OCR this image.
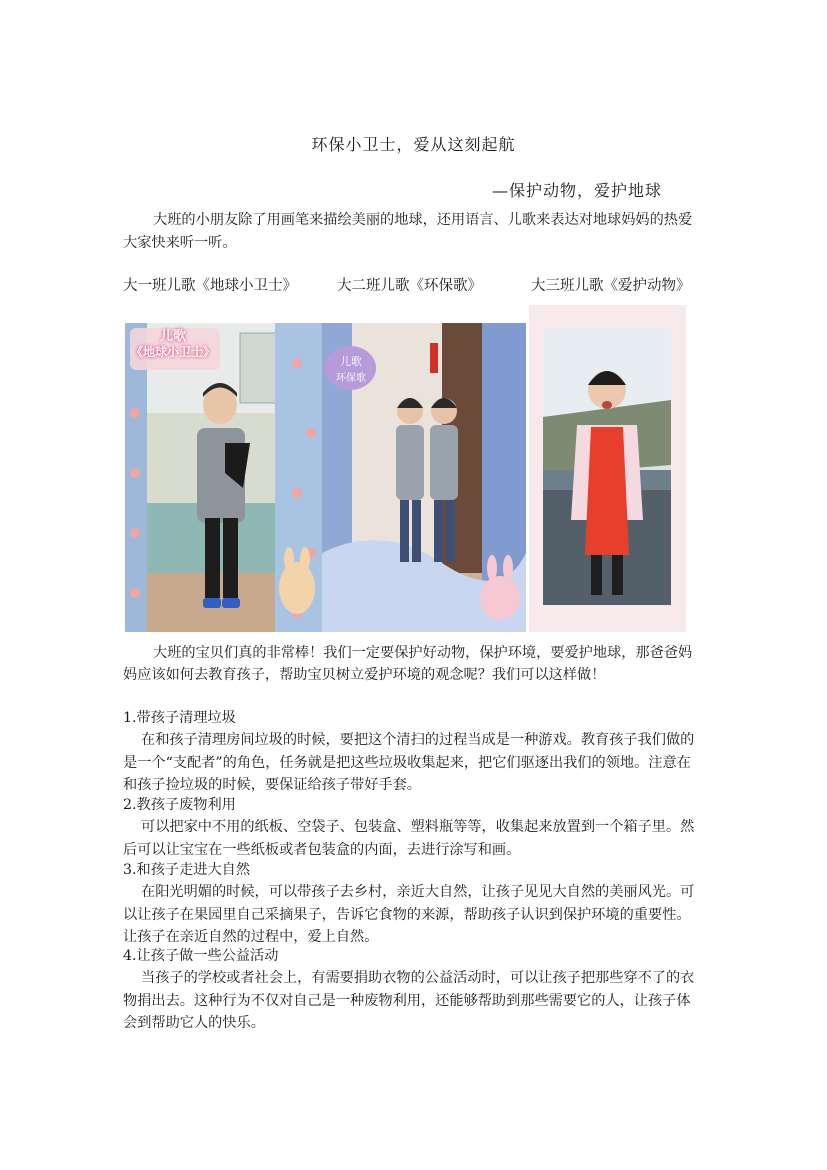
环保小卫士，爱从这刻起航

—保护动物，爱护地球

大班的小朋友除了用画笔来描绘美丽的地球，还用语言、儿歌来表达对地球妈妈的热爱大家快来听一听。

大一班儿歌《地球小卫士》	大二班儿歌《环保歌》	大三班儿歌《爱护动物》

儿歌
《地球小卫士》
儿歌
环保歌

大班的宝贝们真的非常棒！我们一定要保护好动物，保护环境，要爱护地球，那爸爸妈妈应该如何去教育孩子，帮助宝贝树立爱护环境的观念呢？我们可以这样做！

1.带孩子清理垃圾

在和孩子清理房间垃圾的时候，要把这个清扫的过程当成是一种游戏。教育孩子我们做的是一个“支配者”的角色，任务就是把这些垃圾收集起来，把它们驱逐出我们的领地。注意在和孩子捡垃圾的时候，要保证给孩子带好手套。

2.教孩子废物利用

可以把家中不用的纸板、空袋子、包装盒、塑料瓶等等，收集起来放置到一个箱子里。然后可以让宝宝在一些纸板或者包装盒的内面，去进行涂写和画。

3.和孩子走进大自然

在阳光明媚的时候，可以带孩子去乡村，亲近大自然，让孩子见见大自然的美丽风光。可以让孩子在果园里自己采摘果子，告诉它食物的来源，帮助孩子认识到保护环境的重要性。让孩子在亲近自然的过程中，爱上自然。

4.让孩子做一些公益活动

当孩子的学校或者社会上，有需要捐助衣物的公益活动时，可以让孩子把那些穿不了的衣物捐出去。这种行为不仅对自己是一种废物利用，还能够帮助到那些需要它的人，让孩子体会到帮助它人的快乐。
